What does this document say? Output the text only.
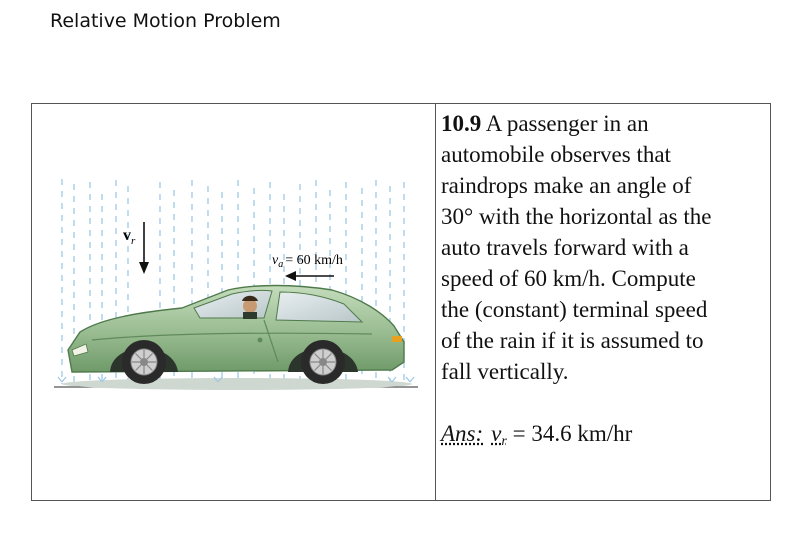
Relative Motion Problem
$v_r$
$v_a = 60$ km/h
10.9 A passenger in an
automobile observes that
raindrops make an angle of
30° with the horizontal as the
auto travels forward with a
speed of 60 km/h. Compute
the (constant) terminal speed
of the rain if it is assumed to
fall vertically.
Ans: vr = 34.6 km/hr
